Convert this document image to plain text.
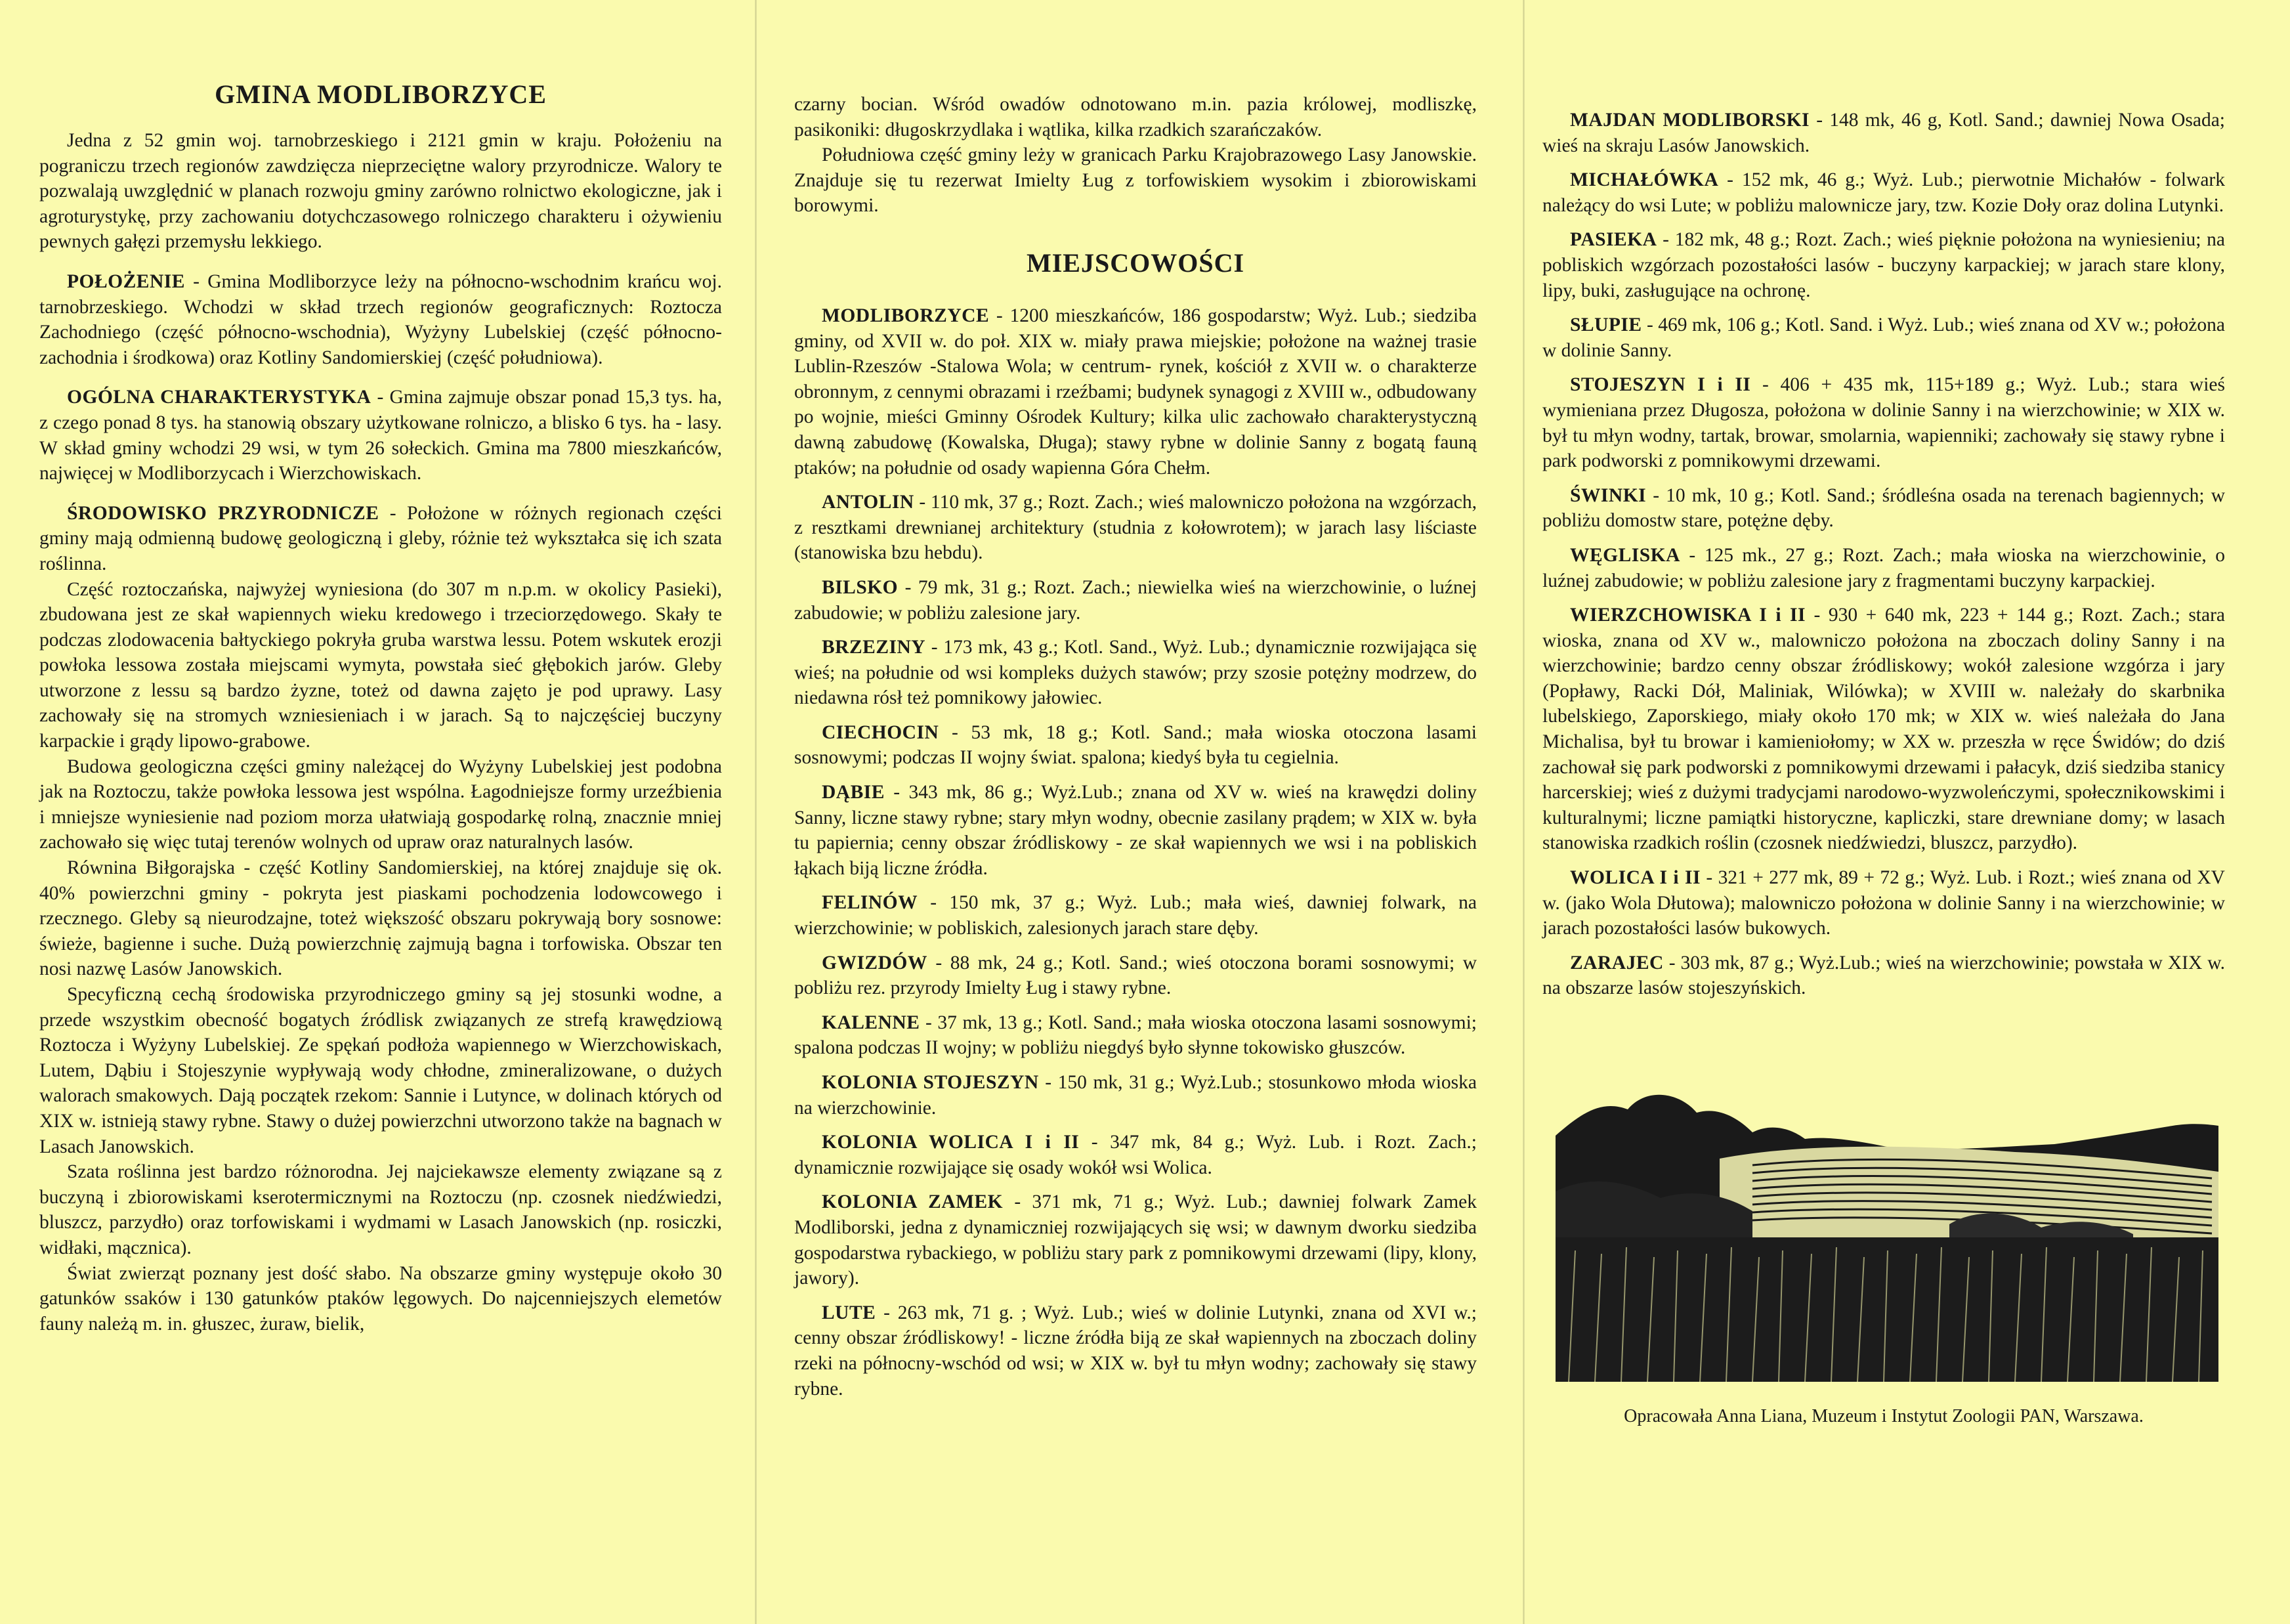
GMINA MODLIBORZYCE

Jedna z 52 gmin woj. tarnobrzeskiego i 2121 gmin w kraju. Położeniu na pograniczu trzech regionów zawdzięcza nieprzeciętne walory przyrodnicze. Walory te pozwalają uwzględnić w planach rozwoju gminy zarówno rolnictwo ekologiczne, jak i agroturystykę, przy zachowaniu dotychczasowego rolniczego charakteru i ożywieniu pewnych gałęzi przemysłu lekkiego.

POŁOŻENIE - Gmina Modliborzyce leży na północno-wschodnim krańcu woj. tarnobrzeskiego. Wchodzi w skład trzech regionów geograficznych: Roztocza Zachodniego (część północno-wschodnia), Wyżyny Lubelskiej (część północno-zachodnia i środkowa) oraz Kotliny Sandomierskiej (część południowa).

OGÓLNA CHARAKTERYSTYKA - Gmina zajmuje obszar ponad 15,3 tys. ha, z czego ponad 8 tys. ha stanowią obszary użytkowane rolniczo, a blisko 6 tys. ha - lasy. W skład gminy wchodzi 29 wsi, w tym 26 sołeckich. Gmina ma 7800 mieszkańców, najwięcej w Modliborzycach i Wierzchowiskach.

ŚRODOWISKO PRZYRODNICZE - Położone w różnych regionach części gminy mają odmienną budowę geologiczną i gleby, różnie też wykształca się ich szata roślinna.

Część roztoczańska, najwyżej wyniesiona (do 307 m n.p.m. w okolicy Pasieki), zbudowana jest ze skał wapiennych wieku kredowego i trzeciorzędowego. Skały te podczas zlodowacenia bałtyckiego pokryła gruba warstwa lessu. Potem wskutek erozji powłoka lessowa została miejscami wymyta, powstała sieć głębokich jarów. Gleby utworzone z lessu są bardzo żyzne, toteż od dawna zajęto je pod uprawy. Lasy zachowały się na stromych wzniesieniach i w jarach. Są to najczęściej buczyny karpackie i grądy lipowo-grabowe.

Budowa geologiczna części gminy należącej do Wyżyny Lubelskiej jest podobna jak na Roztoczu, także powłoka lessowa jest wspólna. Łagodniejsze formy urzeźbienia i mniejsze wyniesienie nad poziom morza ułatwiają gospodarkę rolną, znacznie mniej zachowało się więc tutaj terenów wolnych od upraw oraz naturalnych lasów.

Równina Biłgorajska - część Kotliny Sandomierskiej, na której znajduje się ok. 40% powierzchni gminy - pokryta jest piaskami pochodzenia lodowcowego i rzecznego. Gleby są nieurodzajne, toteż większość obszaru pokrywają bory sosnowe: świeże, bagienne i suche. Dużą powierzchnię zajmują bagna i torfowiska. Obszar ten nosi nazwę Lasów Janowskich.

Specyficzną cechą środowiska przyrodniczego gminy są jej stosunki wodne, a przede wszystkim obecność bogatych źródlisk związanych ze strefą krawędziową Roztocza i Wyżyny Lubelskiej. Ze spękań podłoża wapiennego w Wierzchowiskach, Lutem, Dąbiu i Stojeszynie wypływają wody chłodne, zmineralizowane, o dużych walorach smakowych. Dają początek rzekom: Sannie i Lutynce, w dolinach których od XIX w. istnieją stawy rybne. Stawy o dużej powierzchni utworzono także na bagnach w Lasach Janowskich.

Szata roślinna jest bardzo różnorodna. Jej najciekawsze elementy związane są z buczyną i zbiorowiskami kserotermicznymi na Roztoczu (np. czosnek niedźwiedzi, bluszcz, parzydło) oraz torfowiskami i wydmami w Lasach Janowskich (np. rosiczki, widłaki, mącznica).

Świat zwierząt poznany jest dość słabo. Na obszarze gminy występuje około 30 gatunków ssaków i 130 gatunków ptaków lęgowych. Do najcenniejszych elemetów fauny należą m. in. głuszec, żuraw, bielik,

czarny bocian. Wśród owadów odnotowano m.in. pazia królowej, modliszkę, pasikoniki: długoskrzydlaka i wątlika, kilka rzadkich szarańczaków.

Południowa część gminy leży w granicach Parku Krajobrazowego Lasy Janowskie. Znajduje się tu rezerwat Imielty Ług z torfowiskiem wysokim i zbiorowiskami borowymi.

MIEJSCOWOŚCI

MODLIBORZYCE - 1200 mieszkańców, 186 gospodarstw; Wyż. Lub.; siedziba gminy, od XVII w. do poł. XIX w. miały prawa miejskie; położone na ważnej trasie Lublin-Rzeszów -Stalowa Wola; w centrum- rynek, kościół z XVII w. o charakterze obronnym, z cennymi obrazami i rzeźbami; budynek synagogi z XVIII w., odbudowany po wojnie, mieści Gminny Ośrodek Kultury; kilka ulic zachowało charakterystyczną dawną zabudowę (Kowalska, Długa); stawy rybne w dolinie Sanny z bogatą fauną ptaków; na południe od osady wapienna Góra Chełm.

ANTOLIN - 110 mk, 37 g.; Rozt. Zach.; wieś malowniczo położona na wzgórzach, z resztkami drewnianej architektury (studnia z kołowrotem); w jarach lasy liściaste (stanowiska bzu hebdu).

BILSKO - 79 mk, 31 g.; Rozt. Zach.; niewielka wieś na wierzchowinie, o luźnej zabudowie; w pobliżu zalesione jary.

BRZEZINY - 173 mk, 43 g.; Kotl. Sand., Wyż. Lub.; dynamicznie rozwijająca się wieś; na południe od wsi kompleks dużych stawów; przy szosie potężny modrzew, do niedawna rósł też pomnikowy jałowiec.

CIECHOCIN - 53 mk, 18 g.; Kotl. Sand.; mała wioska otoczona lasami sosnowymi; podczas II wojny świat. spalona; kiedyś była tu cegielnia.

DĄBIE - 343 mk, 86 g.; Wyż.Lub.; znana od XV w. wieś na krawędzi doliny Sanny, liczne stawy rybne; stary młyn wodny, obecnie zasilany prądem; w XIX w. była tu papiernia; cenny obszar źródliskowy - ze skał wapiennych we wsi i na pobliskich łąkach biją liczne źródła.

FELINÓW - 150 mk, 37 g.; Wyż. Lub.; mała wieś, dawniej folwark, na wierzchowinie; w pobliskich, zalesionych jarach stare dęby.

GWIZDÓW - 88 mk, 24 g.; Kotl. Sand.; wieś otoczona borami sosnowymi; w pobliżu rez. przyrody Imielty Ług i stawy rybne.

KALENNE - 37 mk, 13 g.; Kotl. Sand.; mała wioska otoczona lasami sosnowymi; spalona podczas II wojny; w pobliżu niegdyś było słynne tokowisko głuszców.

KOLONIA STOJESZYN - 150 mk, 31 g.; Wyż.Lub.; stosunkowo młoda wioska na wierzchowinie.

KOLONIA WOLICA I i II - 347 mk, 84 g.; Wyż. Lub. i Rozt. Zach.; dynamicznie rozwijające się osady wokół wsi Wolica.

KOLONIA ZAMEK - 371 mk, 71 g.; Wyż. Lub.; dawniej folwark Zamek Modliborski, jedna z dynamiczniej rozwijających się wsi; w dawnym dworku siedziba gospodarstwa rybackiego, w pobliżu stary park z pomnikowymi drzewami (lipy, klony, jawory).

LUTE - 263 mk, 71 g. ; Wyż. Lub.; wieś w dolinie Lutynki, znana od XVI w.; cenny obszar źródliskowy! - liczne źródła biją ze skał wapiennych na zboczach doliny rzeki na północny-wschód od wsi; w XIX w. był tu młyn wodny; zachowały się stawy rybne.

MAJDAN MODLIBORSKI - 148 mk, 46 g, Kotl. Sand.; dawniej Nowa Osada; wieś na skraju Lasów Janowskich.

MICHAŁÓWKA - 152 mk, 46 g.; Wyż. Lub.; pierwotnie Michałów - folwark należący do wsi Lute; w pobliżu malownicze jary, tzw. Kozie Doły oraz dolina Lutynki.

PASIEKA - 182 mk, 48 g.; Rozt. Zach.; wieś pięknie położona na wyniesieniu; na pobliskich wzgórzach pozostałości lasów - buczyny karpackiej; w jarach stare klony, lipy, buki, zasługujące na ochronę.

SŁUPIE - 469 mk, 106 g.; Kotl. Sand. i Wyż. Lub.; wieś znana od XV w.; położona w dolinie Sanny.

STOJESZYN I i II - 406 + 435 mk, 115+189 g.; Wyż. Lub.; stara wieś wymieniana przez Długosza, położona w dolinie Sanny i na wierzchowinie; w XIX w. był tu młyn wodny, tartak, browar, smolarnia, wapienniki; zachowały się stawy rybne i park podworski z pomnikowymi drzewami.

ŚWINKI - 10 mk, 10 g.; Kotl. Sand.; śródleśna osada na terenach bagiennych; w pobliżu domostw stare, potężne dęby.

WĘGLISKA - 125 mk., 27 g.; Rozt. Zach.; mała wioska na wierzchowinie, o luźnej zabudowie; w pobliżu zalesione jary z fragmentami buczyny karpackiej.

WIERZCHOWISKA I i II - 930 + 640 mk, 223 + 144 g.; Rozt. Zach.; stara wioska, znana od XV w., malowniczo położona na zboczach doliny Sanny i na wierzchowinie; bardzo cenny obszar źródliskowy; wokół zalesione wzgórza i jary (Popławy, Racki Dół, Maliniak, Wilówka); w XVIII w. należały do skarbnika lubelskiego, Zaporskiego, miały około 170 mk; w XIX w. wieś należała do Jana Michalisa, był tu browar i kamieniołomy; w XX w. przeszła w ręce Świdów; do dziś zachował się park podworski z pomnikowymi drzewami i pałacyk, dziś siedziba stanicy harcerskiej; wieś z dużymi tradycjami narodowo-wyzwoleńczymi, społecznikowskimi i kulturalnymi; liczne pamiątki historyczne, kapliczki, stare drewniane domy; w lasach stanowiska rzadkich roślin (czosnek niedźwiedzi, bluszcz, parzydło).

WOLICA I i II - 321 + 277 mk, 89 + 72 g.; Wyż. Lub. i Rozt.; wieś znana od XV w. (jako Wola Dłutowa); malowniczo położona w dolinie Sanny i na wierzchowinie; w jarach pozostałości lasów bukowych.

ZARAJEC - 303 mk, 87 g.; Wyż.Lub.; wieś na wierzchowinie; powstała w XIX w. na obszarze lasów stojeszyńskich.

Opracowała Anna Liana, Muzeum i Instytut Zoologii PAN, Warszawa.
